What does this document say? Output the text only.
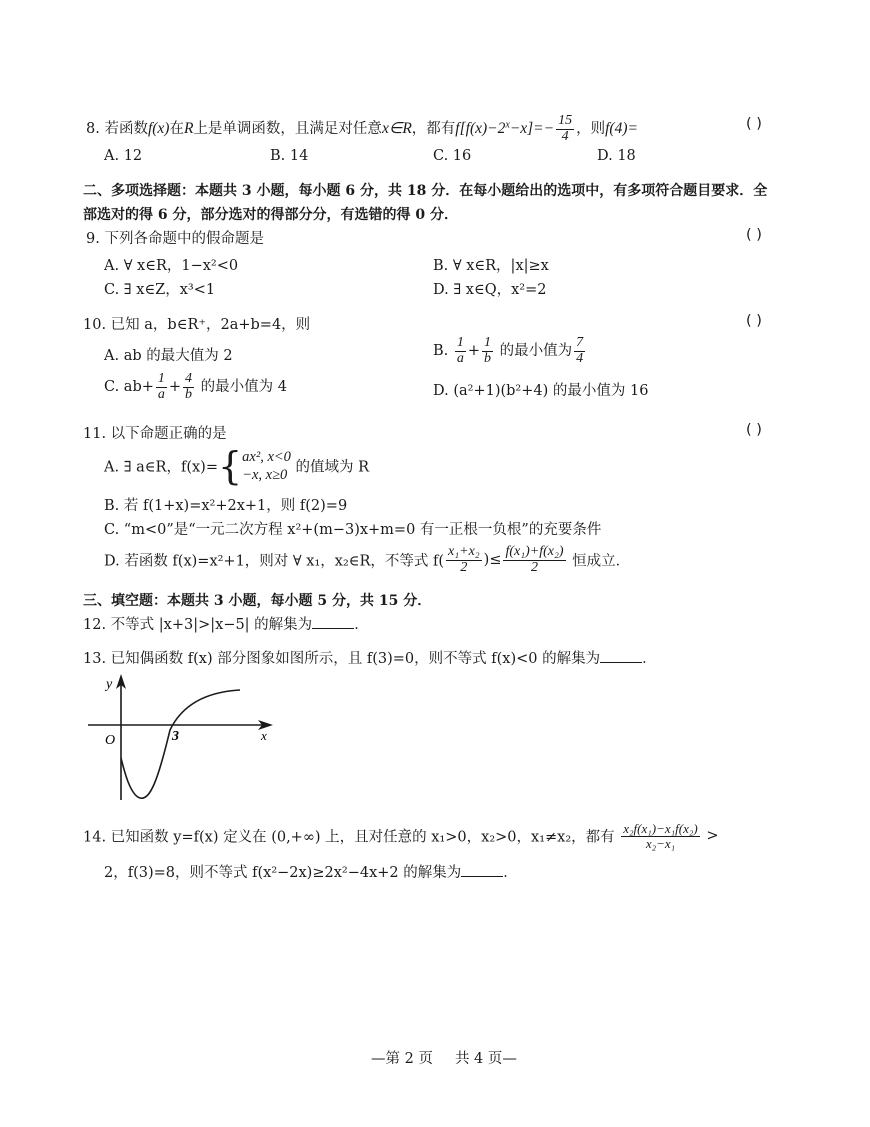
8. 若函数f(x)在R上是单调函数，且满足对任意x∈R，都有$f[f(x)-2^x-x]=- \frac{15}{4}$ ，则f(4)=	( )
A. 12	B. 14	C. 16	D. 18
二、多项选择题：本题共 3 小题，每小题 6 分，共 18 分．在每小题给出的选项中，有多项符合题目要求．全
部选对的得 6 分，部分选对的得部分分，有选错的得 0 分．
9. 下列各命题中的假命题是	( )
A. ∀ x∈R，1−x²<0	B. ∀ x∈R，|x|≥x
C. ∃ x∈Z，x³<1	D. ∃ x∈Q，x²=2
10. 已知 a，b∈R⁺，2a+b=4，则	( )
A. ab 的最大值为 2	B. $\frac{1}{a} + \frac{1}{b}$ 的最小值为 $\frac{7}{4}$
C. $ab+ \frac{1}{a} + \frac{4}{b}$ 的最小值为 4	D. (a²+1)(b²+4) 的最小值为 16
11. 以下命题正确的是	( )
A. ∃ a∈R，f(x)={ ax², x<0
−x, x≥0 的值域为 R
B. 若 f(1+x)=x²+2x+1，则 f(2)=9
C. “m<0”是“一元二次方程 x²+(m−3)x+m=0 有一正根一负根”的充要条件
D. 若函数 f(x)=x²+1，则对 ∀ x₁，x₂∈R，不等式 $f( \frac{\text{x₁+x₂}}{2}$ )≤ $\frac{\text{f(x₁)+f(x₂)}}{2}$ 恒成立．
三、填空题：本题共 3 小题，每小题 5 分，共 15 分．
12. 不等式 |x+3|>|x−5| 的解集为	．
13. 已知偶函数 f(x) 部分图象如图所示，且 f(3)=0，则不等式 f(x)<0 的解集为	．
y
x
O	3
14. 已知函数 y=f(x) 定义在 (0,+∞) 上，且对任意的 x₁>0，x₂>0，x₁≠x₂，都有 $\frac{\text{x₂f(x₁)−x₁f(x₂)}}{\text{x₂−x₁}}$ >
2，f(3)=8，则不等式 f(x²−2x)≥2x²−4x+2 的解集为	．
—第 2 页 共 4 页—
